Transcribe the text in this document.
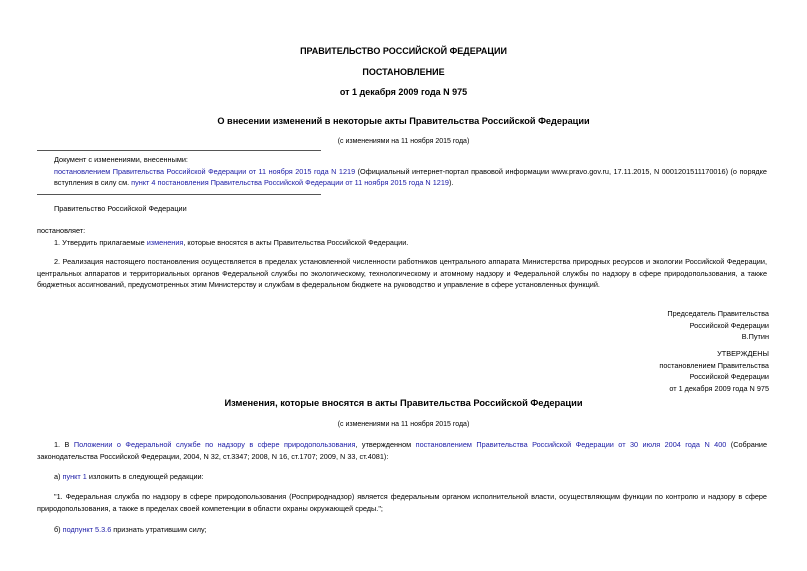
ПРАВИТЕЛЬСТВО РОССИЙСКОЙ ФЕДЕРАЦИИ
ПОСТАНОВЛЕНИЕ
от 1 декабря 2009 года N 975
О внесении изменений в некоторые акты Правительства Российской Федерации
(с изменениями на 11 ноября 2015 года)
Документ с изменениями, внесенными:
постановлением Правительства Российской Федерации от 11 ноября 2015 года N 1219 (Официальный интернет-портал правовой информации www.pravo.gov.ru, 17.11.2015, N 0001201511170016) (о порядке вступления в силу см. пункт 4 постановления Правительства Российской Федерации от 11 ноября 2015 года N 1219).
Правительство Российской Федерации
постановляет:
1. Утвердить прилагаемые изменения, которые вносятся в акты Правительства Российской Федерации.
2. Реализация настоящего постановления осуществляется в пределах установленной численности работников центрального аппарата Министерства природных ресурсов и экологии Российской Федерации, центральных аппаратов и территориальных органов Федеральной службы по экологическому, технологическому и атомному надзору и Федеральной службы по надзору в сфере природопользования, а также бюджетных ассигнований, предусмотренных этим Министерству и службам в федеральном бюджете на руководство и управление в сфере установленных функций.
Председатель Правительства
Российской Федерации
В.Путин
УТВЕРЖДЕНЫ
постановлением Правительства
Российской Федерации
от 1 декабря 2009 года N 975
Изменения, которые вносятся в акты Правительства Российской Федерации
(с изменениями на 11 ноября 2015 года)
1. В Положении о Федеральной службе по надзору в сфере природопользования, утвержденном постановлением Правительства Российской Федерации от 30 июля 2004 года N 400 (Собрание законодательства Российской Федерации, 2004, N 32, ст.3347; 2008, N 16, ст.1707; 2009, N 33, ст.4081):
а) пункт 1 изложить в следующей редакции:
"1. Федеральная служба по надзору в сфере природопользования (Росприроднадзор) является федеральным органом исполнительной власти, осуществляющим функции по контролю и надзору в сфере природопользования, а также в пределах своей компетенции в области охраны окружающей среды.";
б) подпункт 5.3.6 признать утратившим силу;
